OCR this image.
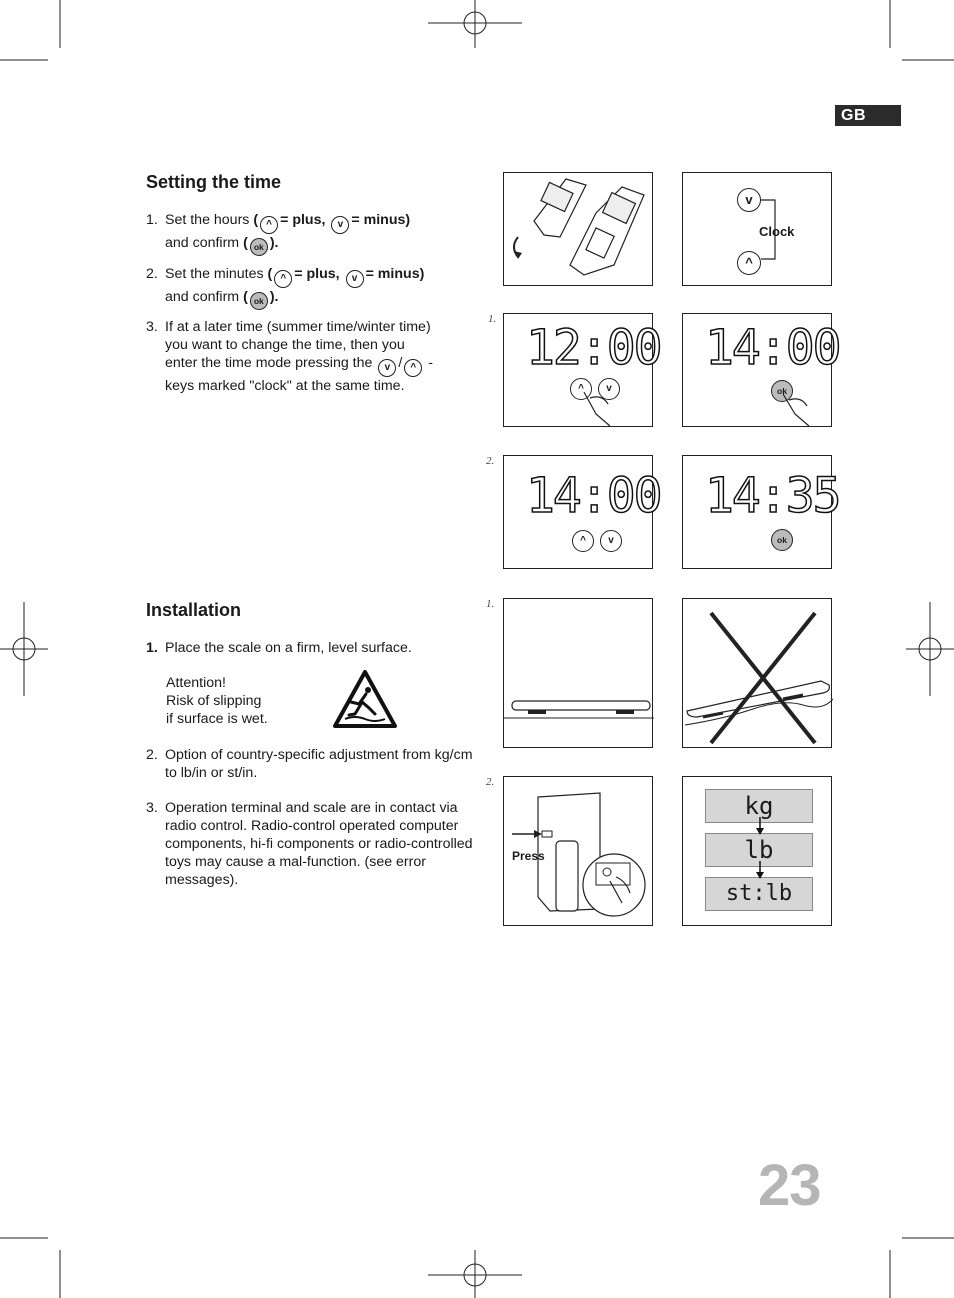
GB
Setting the time
1. Set the hours ( ^ = plus, v = minus)
and confirm ( ok ).
2. Set the minutes ( ^ = plus, v = minus)
and confirm ( ok ).
3. If at a later time (summer time/winter time)
you want to change the time, then you
enter the time mode pressing the v / ^ -
keys marked "clock" at the same time.
Installation
1. Place the scale on a firm, level surface.
Attention!
Risk of slipping
if surface is wet.
2. Option of country-specific adjustment from kg/cm to lb/in or st/in.
3. Operation terminal and scale are in contact via radio control. Radio-control operated computer components, hi-fi components or radio-controlled toys may cause a mal-function. (see error messages).
v
^
Clock
1.
2.
1.
2.
12:00
^	v
14:00
ok
14:00
^	v
14:35
ok
Press
kg
lb
st:lb
23
